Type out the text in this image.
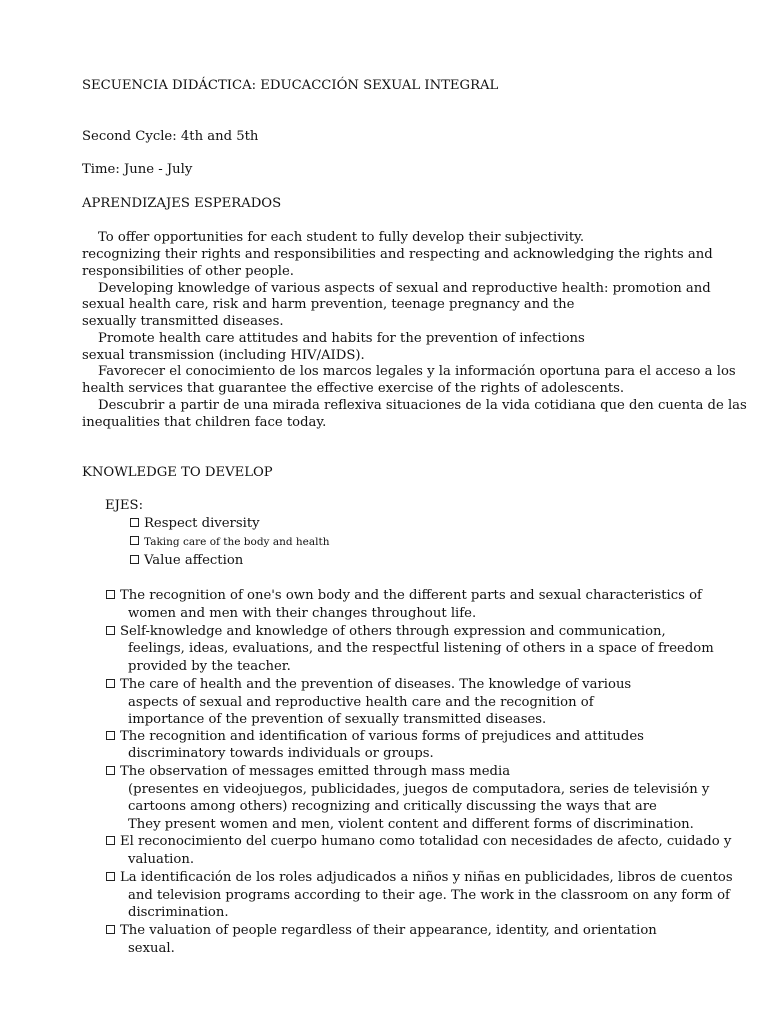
SECUENCIA DIDÁCTICA: EDUCACCIÓN SEXUAL INTEGRAL
Second Cycle: 4th and 5th
Time: June - July
APRENDIZAJES ESPERADOS
To offer opportunities for each student to fully develop their subjectivity.
recognizing their rights and responsibilities and respecting and acknowledging the rights and
responsibilities of other people.
Developing knowledge of various aspects of sexual and reproductive health: promotion and
sexual health care, risk and harm prevention, teenage pregnancy and the
sexually transmitted diseases.
Promote health care attitudes and habits for the prevention of infections
sexual transmission (including HIV/AIDS).
Favorecer el conocimiento de los marcos legales y la información oportuna para el acceso a los
health services that guarantee the effective exercise of the rights of adolescents.
Descubrir a partir de una mirada reflexiva situaciones de la vida cotidiana que den cuenta de las
inequalities that children face today.
KNOWLEDGE TO DEVELOP
EJES:
Respect diversity
Taking care of the body and health
Value affection
The recognition of one's own body and the different parts and sexual characteristics of
women and men with their changes throughout life.
Self-knowledge and knowledge of others through expression and communication,
feelings, ideas, evaluations, and the respectful listening of others in a space of freedom
provided by the teacher.
The care of health and the prevention of diseases. The knowledge of various
aspects of sexual and reproductive health care and the recognition of
importance of the prevention of sexually transmitted diseases.
The recognition and identification of various forms of prejudices and attitudes
discriminatory towards individuals or groups.
The observation of messages emitted through mass media
(presentes en videojuegos, publicidades, juegos de computadora, series de televisión y
cartoons among others) recognizing and critically discussing the ways that are
They present women and men, violent content and different forms of discrimination.
El reconocimiento del cuerpo humano como totalidad con necesidades de afecto, cuidado y
valuation.
La identificación de los roles adjudicados a niños y niñas en publicidades, libros de cuentos
and television programs according to their age. The work in the classroom on any form of
discrimination.
The valuation of people regardless of their appearance, identity, and orientation
sexual.
